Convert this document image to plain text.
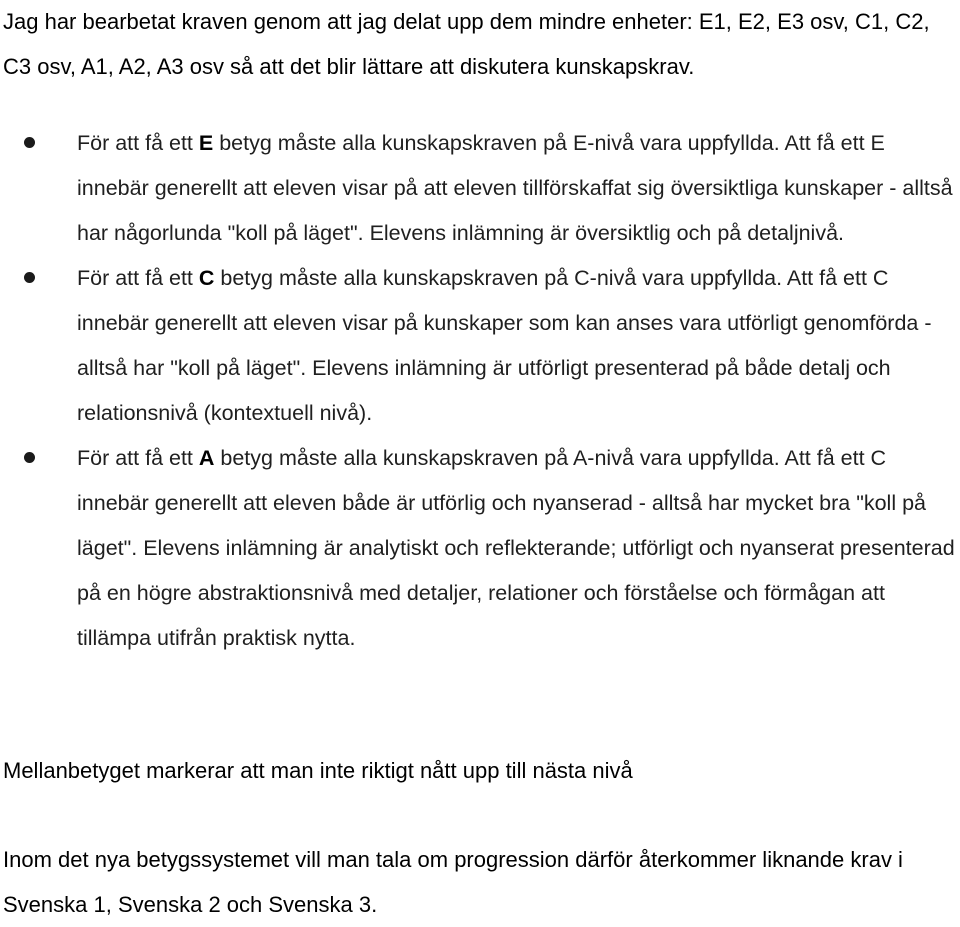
Jag har bearbetat kraven genom att jag delat upp dem mindre enheter: E1, E2, E3 osv, C1, C2, C3 osv, A1, A2, A3 osv så att det blir lättare att diskutera kunskapskrav.

För att få ett E betyg måste alla kunskapskraven på E-nivå vara uppfyllda. Att få ett E innebär generellt att eleven visar på att eleven tillförskaffat sig översiktliga kunskaper - alltså har någorlunda "koll på läget". Elevens inlämning är översiktlig och på detaljnivå.
För att få ett C betyg måste alla kunskapskraven på C-nivå vara uppfyllda. Att få ett C innebär generellt att eleven visar på kunskaper som kan anses vara utförligt genomförda - alltså har "koll på läget". Elevens inlämning är utförligt presenterad på både detalj och relationsnivå (kontextuell nivå).
För att få ett A betyg måste alla kunskapskraven på A-nivå vara uppfyllda. Att få ett C innebär generellt att eleven både är utförlig och nyanserad - alltså har mycket bra "koll på läget". Elevens inlämning är analytiskt och reflekterande; utförligt och nyanserat presenterad på en högre abstraktionsnivå med detaljer, relationer och förståelse och förmågan att tillämpa utifrån praktisk nytta.

Mellanbetyget markerar att man inte riktigt nått upp till nästa nivå

Inom det nya betygssystemet vill man tala om progression därför återkommer liknande krav i Svenska 1, Svenska 2 och Svenska 3.
